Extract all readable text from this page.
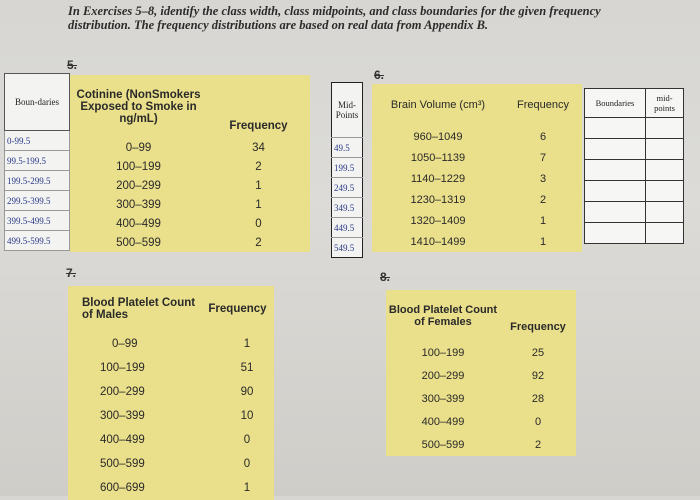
In Exercises 5–8, identify the class width, class midpoints, and class boundaries for the given frequency distribution. The frequency distributions are based on real data from Appendix B.
5.
Boun-daries
0-99.5
99.5-199.5
199.5-299.5
299.5-399.5
399.5-499.5
499.5-599.5
Cotinine (NonSmokers Exposed to Smoke in ng/mL)	Frequency
0–99	34
100–199	2
200–299	1
300–399	1
400–499	0
500–599	2
Mid-Points
49.5
199.5
249.5
349.5
449.5
549.5
6.
Brain Volume (cm³)	Frequency
960–1049	6
1050–1139	7
1140–1229	3
1230–1319	2
1320–1409	1
1410–1499	1
Boundaries	mid-points

7.
Blood Platelet Count of Males	Frequency
0–99	1
100–199	51
200–299	90
300–399	10
400–499	0
500–599	0
600–699	1
8.
Blood Platelet Count of Females	Frequency
100–199	25
200–299	92
300–399	28
400–499	0
500–599	2
